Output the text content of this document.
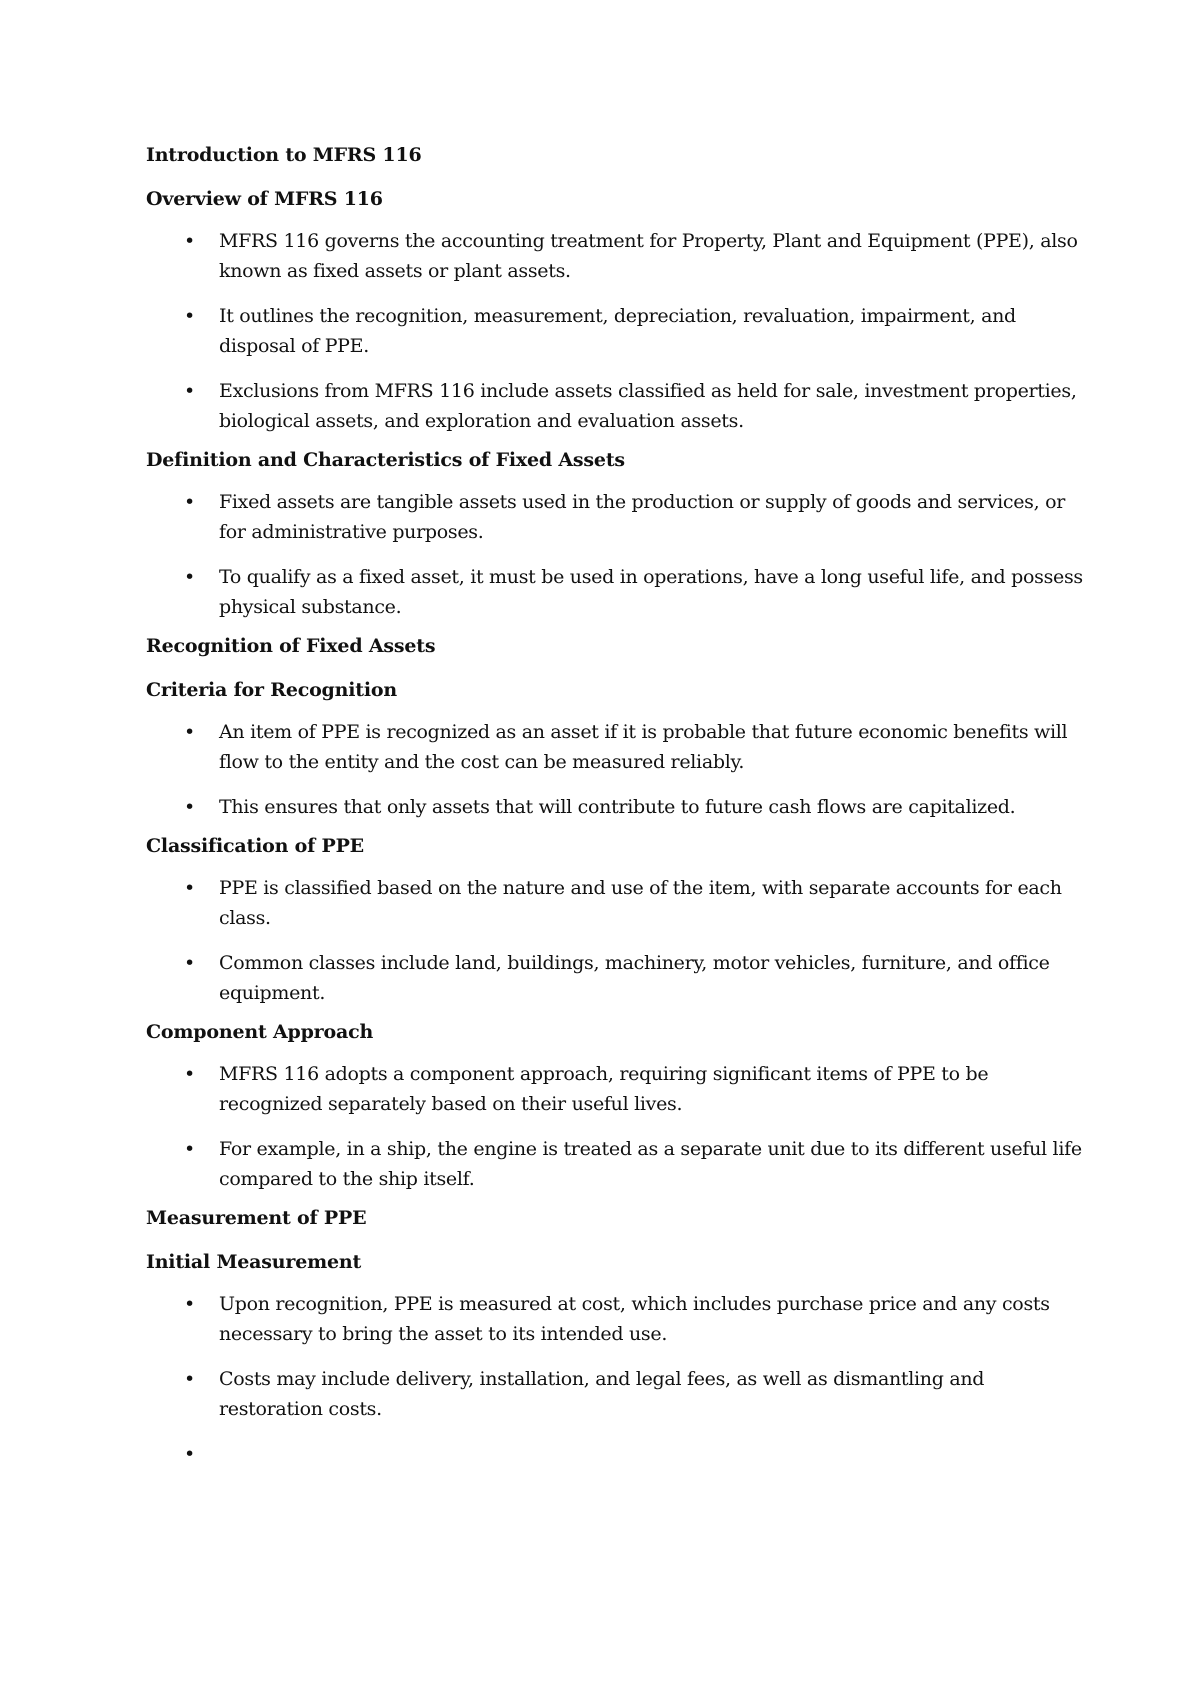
Introduction to MFRS 116

Overview of MFRS 116

• MFRS 116 governs the accounting treatment for Property, Plant and Equipment (PPE), also known as fixed assets or plant assets.
• It outlines the recognition, measurement, depreciation, revaluation, impairment, and disposal of PPE.
• Exclusions from MFRS 116 include assets classified as held for sale, investment properties, biological assets, and exploration and evaluation assets.

Definition and Characteristics of Fixed Assets

• Fixed assets are tangible assets used in the production or supply of goods and services, or for administrative purposes.
• To qualify as a fixed asset, it must be used in operations, have a long useful life, and possess physical substance.

Recognition of Fixed Assets

Criteria for Recognition

• An item of PPE is recognized as an asset if it is probable that future economic benefits will flow to the entity and the cost can be measured reliably.
• This ensures that only assets that will contribute to future cash flows are capitalized.

Classification of PPE

• PPE is classified based on the nature and use of the item, with separate accounts for each class.
• Common classes include land, buildings, machinery, motor vehicles, furniture, and office equipment.

Component Approach

• MFRS 116 adopts a component approach, requiring significant items of PPE to be recognized separately based on their useful lives.
• For example, in a ship, the engine is treated as a separate unit due to its different useful life compared to the ship itself.

Measurement of PPE

Initial Measurement

• Upon recognition, PPE is measured at cost, which includes purchase price and any costs necessary to bring the asset to its intended use.
• Costs may include delivery, installation, and legal fees, as well as dismantling and restoration costs.
•
